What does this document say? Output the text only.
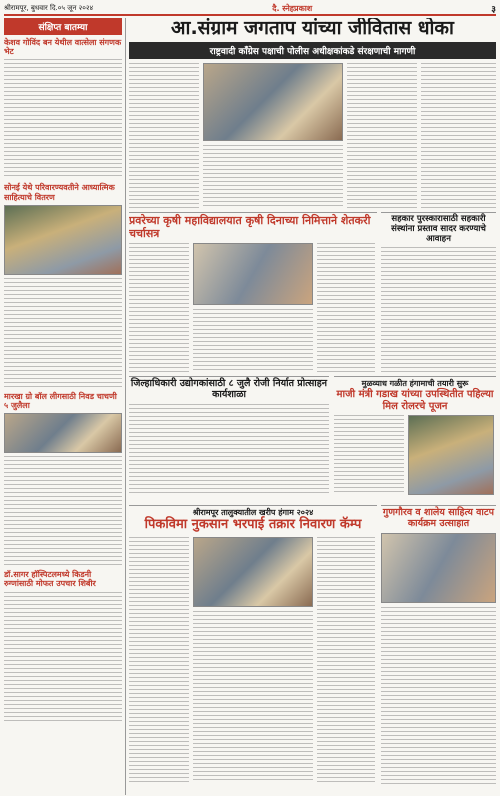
श्रीरामपूर, बुधवार दि.०५ जून २०२४	दै. स्नेहप्रकाश	३
संक्षिप्त बातम्या
केशव गोविंद बन येथील वात्सेला संगणक भेट
सोनई येथे परिवारण्यवतीने आध्यात्मिक साहित्याचे वितरण
मारखा ग्रो बॉल लीगसाठी निवड चाचणी ५ जुलैला
डॉ.सागर हॉस्पिटलमध्ये किडनी रुग्णांसाठी मोफत उपचार शिबीर
आ.संग्राम जगताप यांच्या जीवितास धोका
राष्ट्रवादी काँग्रेस पक्षाची पोलीस अधीक्षकांकडे संरक्षणाची मागणी
प्रवरेच्या कृषी महाविद्यालयात कृषी दिनाच्या निमित्ताने शेतकरी चर्चासत्र
सहकार पुरस्कारासाठी सहकारी संस्थांना प्रस्ताव सादर करण्याचे आवाहन
जिल्हाधिकारी उद्योगकांसाठी ८ जुलै रोजी निर्यात प्रोत्साहन कार्यशाळा
मुळव्याध गळीत हंगामाची तयारी सुरू
माजी मंत्री गडाख यांच्या उपस्थितीत पहिल्या मिल रोलरचे पूजन
श्रीरामपूर तालुक्यातील खरीप हंगाम २०२४
पिकविमा नुकसान भरपाई तक्रार निवारण कॅम्प
गुणगौरव व शालेय साहित्य वाटप कार्यक्रम उत्साहात
